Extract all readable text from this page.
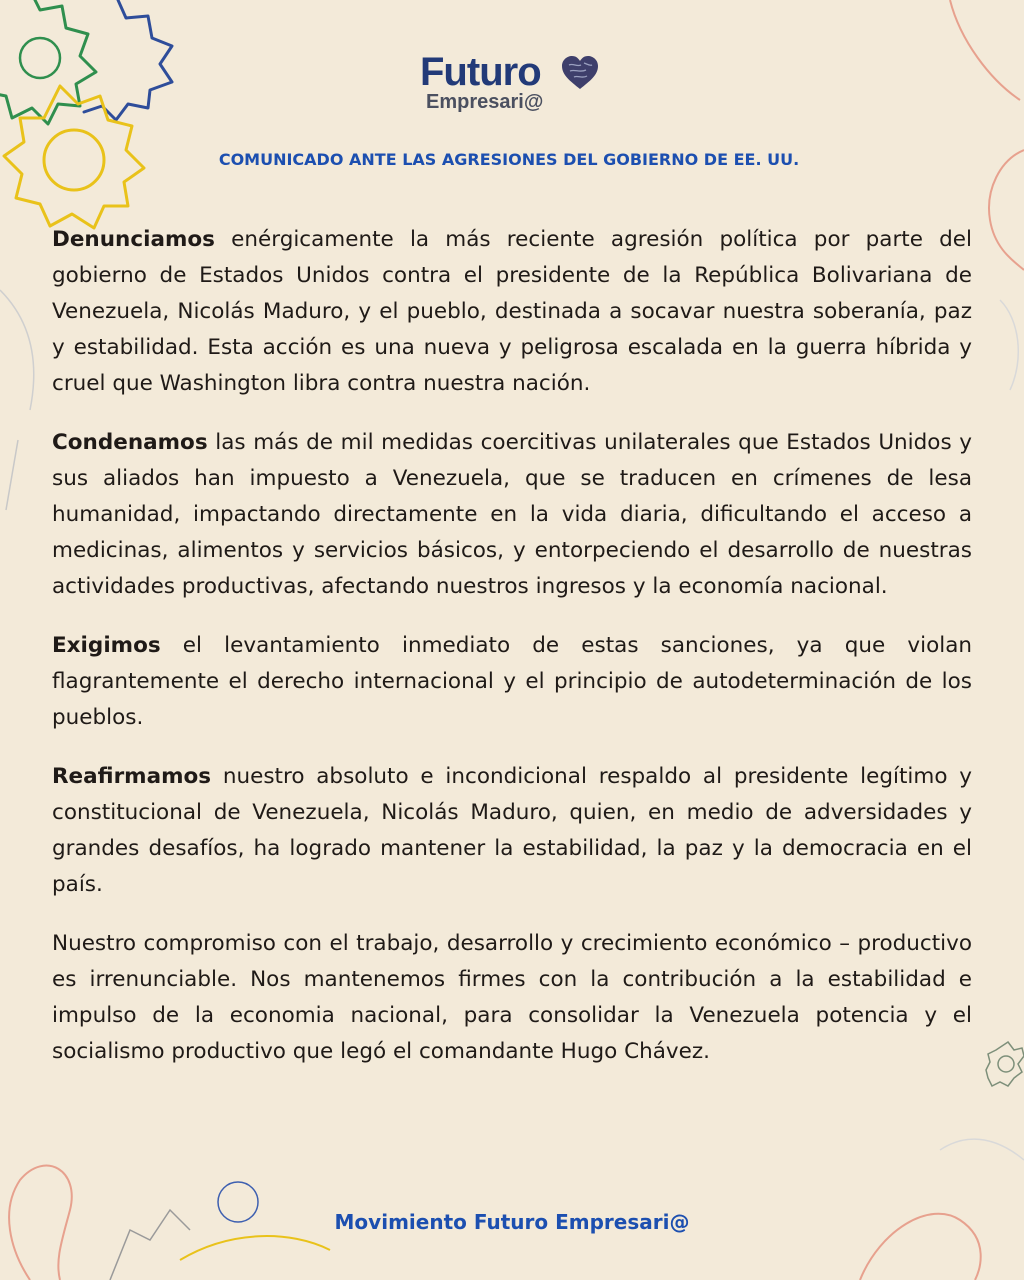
Futuro
Empresari@
COMUNICADO ANTE LAS AGRESIONES DEL GOBIERNO DE EE. UU.

Denunciamos enérgicamente la más reciente agresión política por parte del gobierno de Estados Unidos contra el presidente de la República Bolivariana de Venezuela, Nicolás Maduro, y el pueblo, destinada a socavar nuestra soberanía, paz y estabilidad. Esta acción es una nueva y peligrosa escalada en la guerra híbrida y cruel que Washington libra contra nuestra nación.

Condenamos las más de mil medidas coercitivas unilaterales que Estados Unidos y sus aliados han impuesto a Venezuela, que se traducen en crímenes de lesa humanidad, impactando directamente en la vida diaria, dificultando el acceso a medicinas, alimentos y servicios básicos, y entorpeciendo el desarrollo de nuestras actividades productivas, afectando nuestros ingresos y la economía nacional.

Exigimos el levantamiento inmediato de estas sanciones, ya que violan flagrantemente el derecho internacional y el principio de autodeterminación de los pueblos.

Reafirmamos nuestro absoluto e incondicional respaldo al presidente legítimo y constitucional de Venezuela, Nicolás Maduro, quien, en medio de adversidades y grandes desafíos, ha logrado mantener la estabilidad, la paz y la democracia en el país.

Nuestro compromiso con el trabajo, desarrollo y crecimiento económico – productivo es irrenunciable. Nos mantenemos firmes con la contribución a la estabilidad e impulso de la economia nacional, para consolidar la Venezuela potencia y el socialismo productivo que legó el comandante Hugo Chávez.

Movimiento Futuro Empresari@
